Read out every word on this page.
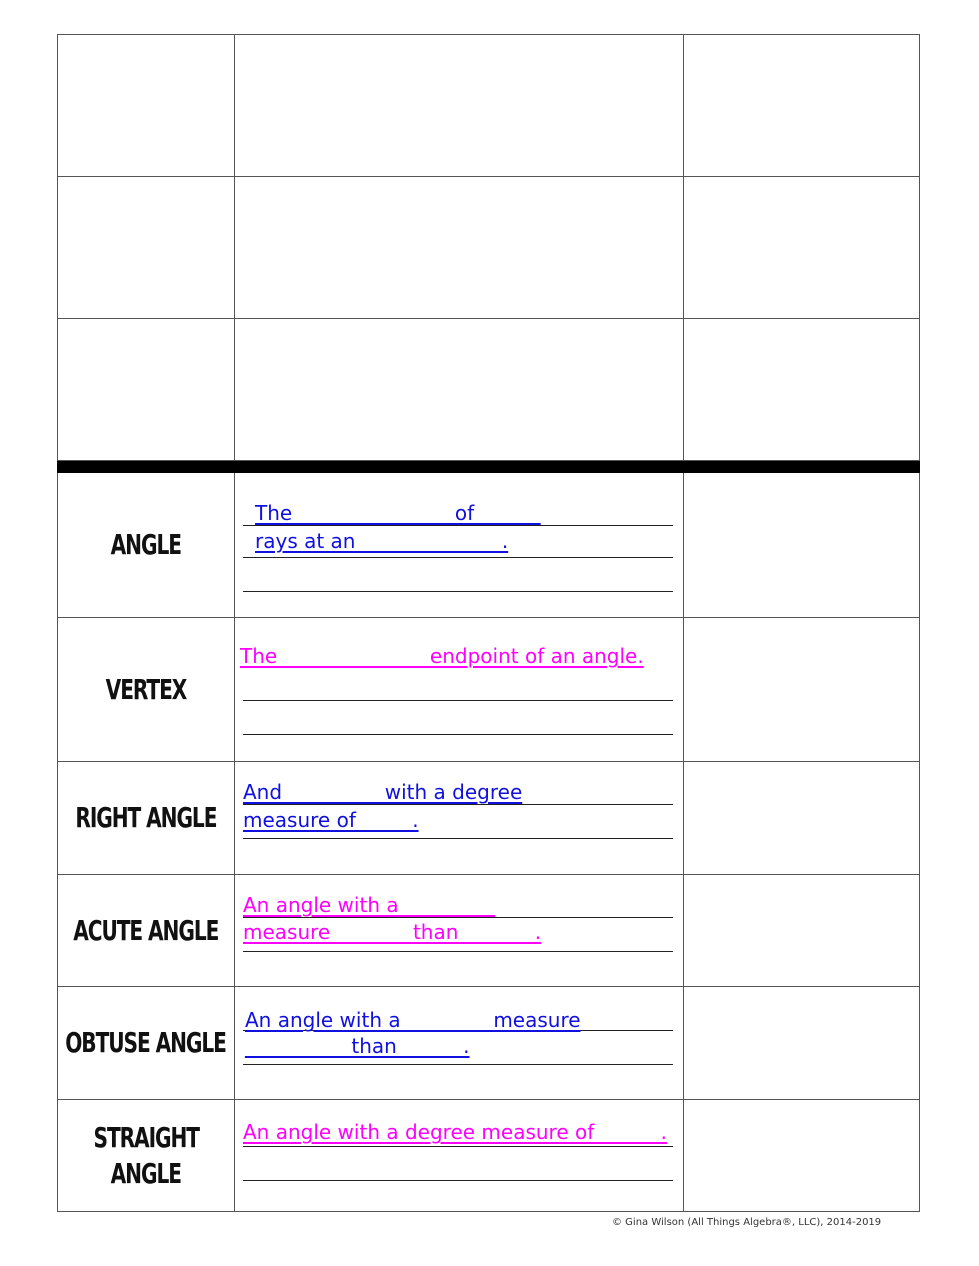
ANGLE
The _______________ of ______
rays at an ______________.
VERTEX
The ______________ endpoint of an angle.
RIGHT ANGLE
And _________ with a degree
measure of _____.
ACUTE ANGLE
An angle with a _________
measure _______ than _______.
OBTUSE ANGLE
An angle with a ________ measure
__________ than ______.
STRAIGHT
ANGLE
An angle with a degree measure of ______.
© Gina Wilson (All Things Algebra®, LLC), 2014-2019
